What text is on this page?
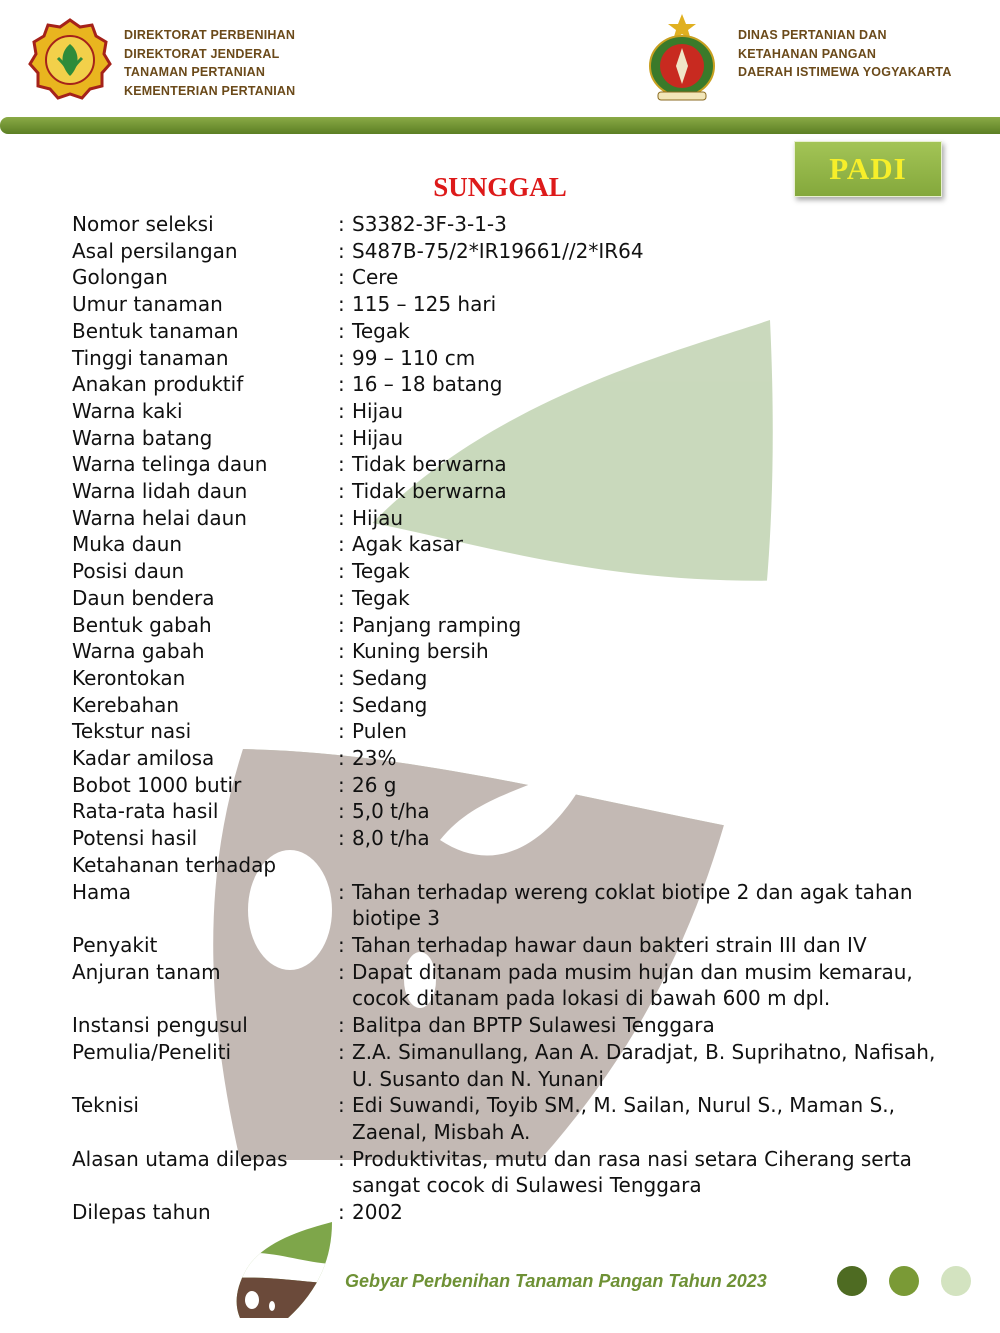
DIREKTORAT PERBENIHAN
DIREKTORAT JENDERAL
TANAMAN PERTANIAN
KEMENTERIAN PERTANIAN
DINAS PERTANIAN DAN
KETAHANAN PANGAN
DAERAH ISTIMEWA YOGYAKARTA
PADI
SUNGGAL
Nomor seleksi	: S3382-3F-3-1-3
Asal persilangan	: S487B-75/2*IR19661//2*IR64
Golongan	: Cere
Umur tanaman	: 115 – 125 hari
Bentuk tanaman	: Tegak
Tinggi tanaman	: 99 – 110 cm
Anakan produktif	: 16 – 18 batang
Warna kaki	: Hijau
Warna batang	: Hijau
Warna telinga daun	: Tidak berwarna
Warna lidah daun	: Tidak berwarna
Warna helai daun	: Hijau
Muka daun	: Agak kasar
Posisi daun	: Tegak
Daun bendera	: Tegak
Bentuk gabah	: Panjang ramping
Warna gabah	: Kuning bersih
Kerontokan	: Sedang
Kerebahan	: Sedang
Tekstur nasi	: Pulen
Kadar amilosa	: 23%
Bobot 1000 butir	: 26 g
Rata-rata hasil	: 5,0 t/ha
Potensi hasil	: 8,0 t/ha
Ketahanan terhadap
Hama	: Tahan terhadap wereng coklat biotipe 2 dan agak tahan
biotipe 3
Penyakit	: Tahan terhadap hawar daun bakteri strain III dan IV
Anjuran tanam	: Dapat ditanam pada musim hujan dan musim kemarau,
cocok ditanam pada lokasi di bawah 600 m dpl.
Instansi pengusul	: Balitpa dan BPTP Sulawesi Tenggara
Pemulia/Peneliti	: Z.A. Simanullang, Aan A. Daradjat, B. Suprihatno, Nafisah,
U. Susanto dan N. Yunani
Teknisi	: Edi Suwandi, Toyib SM., M. Sailan, Nurul S., Maman S.,
Zaenal, Misbah A.
Alasan utama dilepas	: Produktivitas, mutu dan rasa nasi setara Ciherang serta
sangat cocok di Sulawesi Tenggara
Dilepas tahun	: 2002
Gebyar Perbenihan Tanaman Pangan Tahun 2023
